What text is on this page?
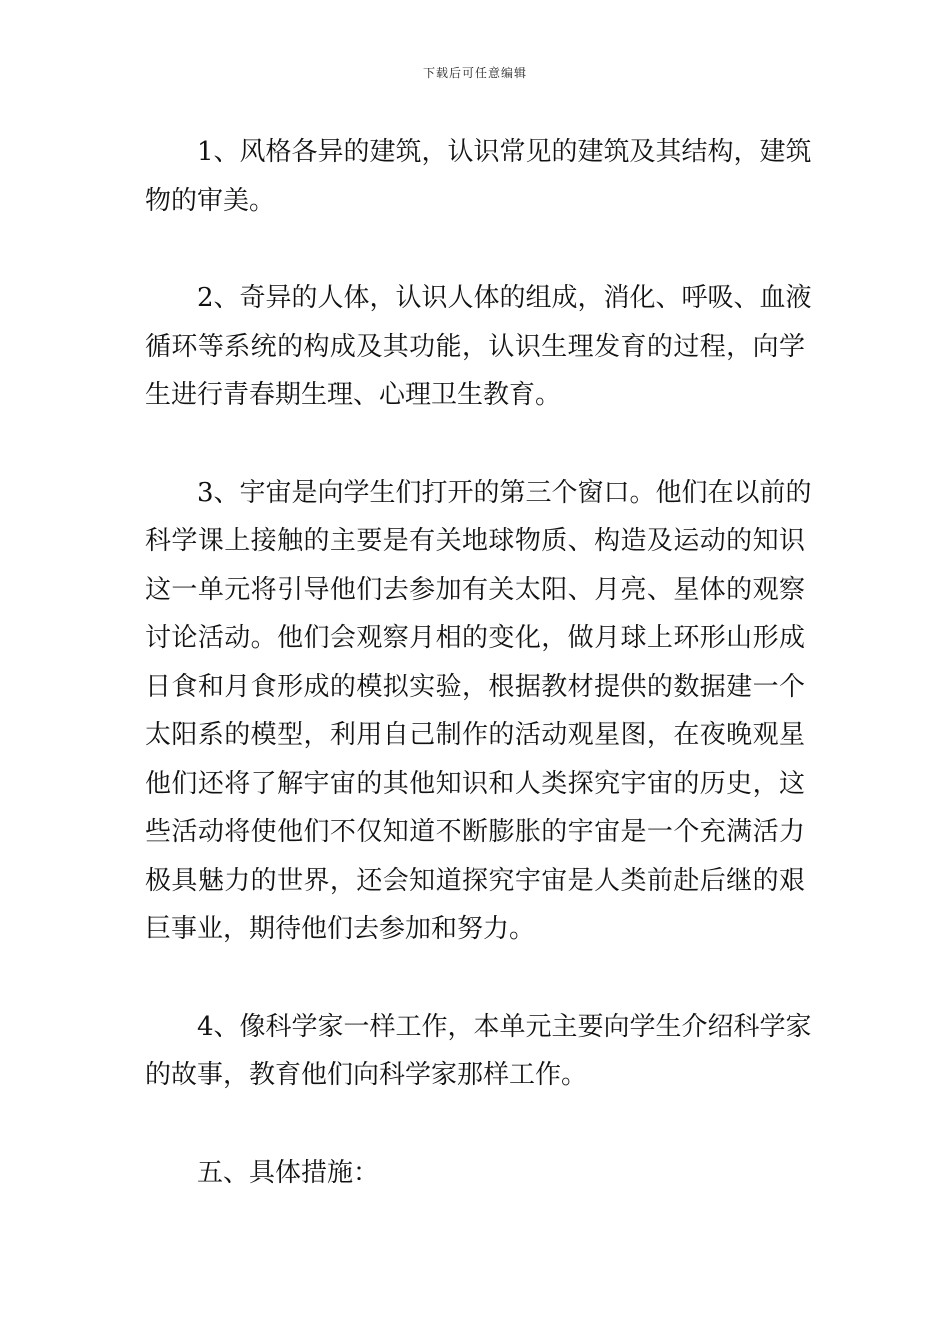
下载后可任意编辑
1、风格各异的建筑，认识常见的建筑及其结构，建筑
物的审美。
2、奇异的人体，认识人体的组成，消化、呼吸、血液
循环等系统的构成及其功能，认识生理发育的过程，向学
生进行青春期生理、心理卫生教育。
3、宇宙是向学生们打开的第三个窗口。他们在以前的
科学课上接触的主要是有关地球物质、构造及运动的知识
这一单元将引导他们去参加有关太阳、月亮、星体的观察
讨论活动。他们会观察月相的变化，做月球上环形山形成
日食和月食形成的模拟实验，根据教材提供的数据建一个
太阳系的模型，利用自己制作的活动观星图，在夜晚观星
他们还将了解宇宙的其他知识和人类探究宇宙的历史，这
些活动将使他们不仅知道不断膨胀的宇宙是一个充满活力
极具魅力的世界，还会知道探究宇宙是人类前赴后继的艰
巨事业，期待他们去参加和努力。
4、像科学家一样工作，本单元主要向学生介绍科学家
的故事，教育他们向科学家那样工作。
五、具体措施：
